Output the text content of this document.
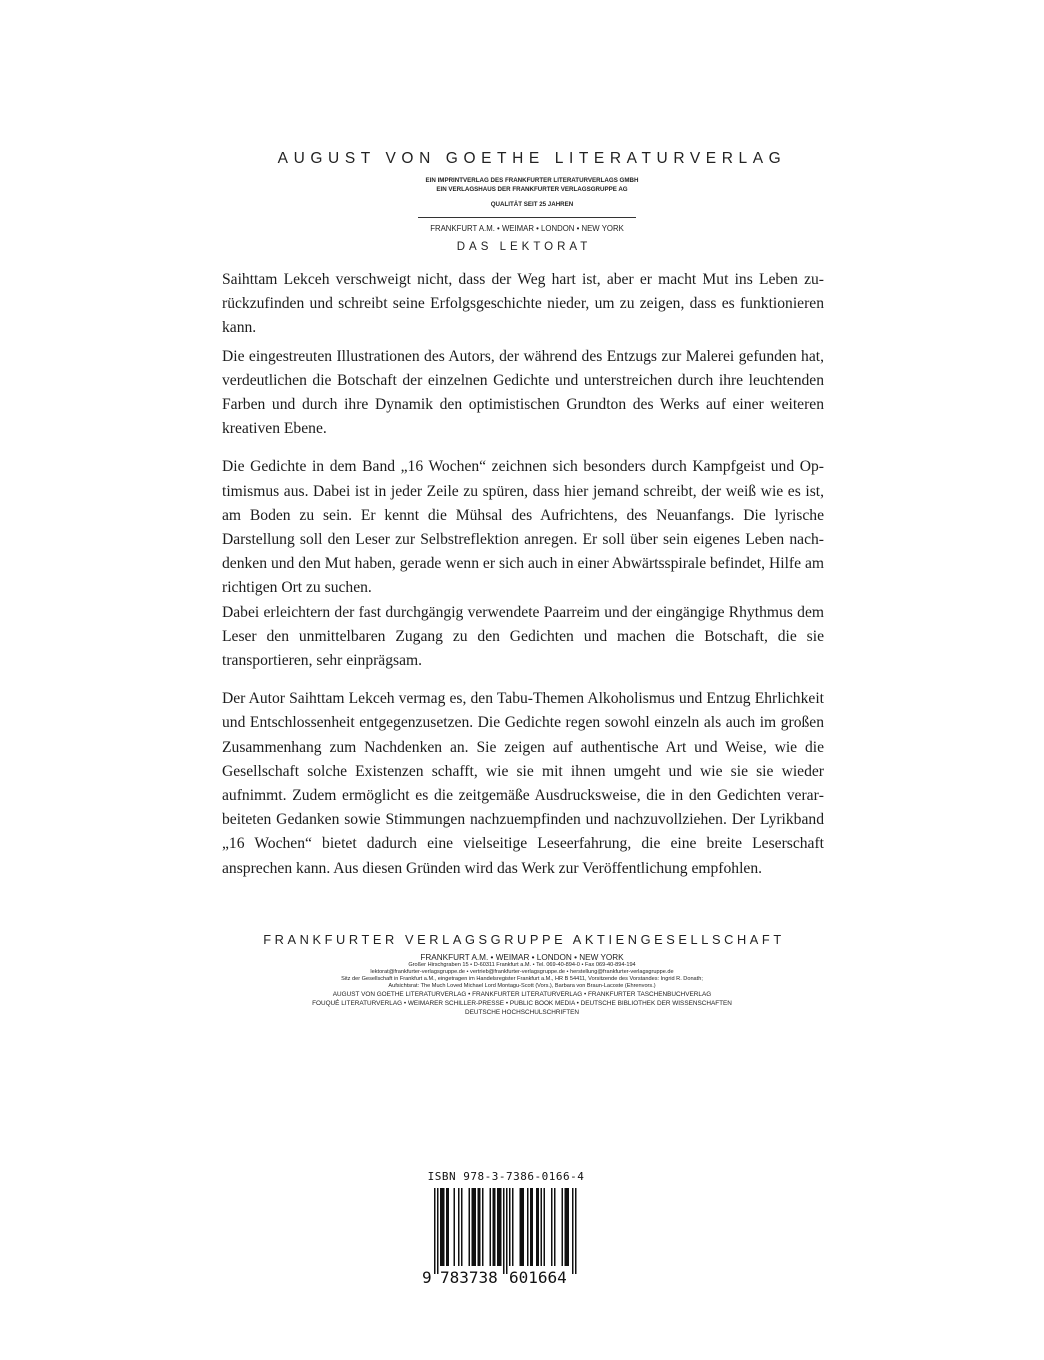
AUGUST VON GOETHE LITERATURVERLAG

EIN IMPRINTVERLAG DES FRANKFURTER LITERATURVERLAGS GMBH
EIN VERLAGSHAUS DER FRANKFURTER VERLAGSGRUPPE AG
QUALITÄT SEIT 25 JAHREN
FRANKFURT A.M. • WEIMAR • LONDON • NEW YORK
DAS LEKTORAT

Saihttam Lekceh verschweigt nicht, dass der Weg hart ist, aber er macht Mut ins Leben zurückzufinden und schreibt seine Erfolgsgeschichte nieder, um zu zeigen, dass es funktionieren kann.

Die eingestreuten Illustrationen des Autors, der während des Entzugs zur Malerei gefunden hat, verdeutlichen die Botschaft der einzelnen Gedichte und unterstreichen durch ihre leuchtenden Farben und durch ihre Dynamik den optimistischen Grundton des Werks auf einer weiteren kreativen Ebene.

Die Gedichte in dem Band „16 Wochen“ zeichnen sich besonders durch Kampfgeist und Optimismus aus. Dabei ist in jeder Zeile zu spüren, dass hier jemand schreibt, der weiß wie es ist, am Boden zu sein. Er kennt die Mühsal des Aufrichtens, des Neuanfangs. Die lyrische Darstellung soll den Leser zur Selbstreflektion anregen. Er soll über sein eigenes Leben nachdenken und den Mut haben, gerade wenn er sich auch in einer Abwärtsspirale befindet, Hilfe am richtigen Ort zu suchen.

Dabei erleichtern der fast durchgängig verwendete Paarreim und der eingängige Rhythmus dem Leser den unmittelbaren Zugang zu den Gedichten und machen die Botschaft, die sie transportieren, sehr einprägsam.

Der Autor Saihttam Lekceh vermag es, den Tabu-Themen Alkoholismus und Entzug Ehrlichkeit und Entschlossenheit entgegenzusetzen. Die Gedichte regen sowohl einzeln als auch im großen Zusammenhang zum Nachdenken an. Sie zeigen auf authentische Art und Weise, wie die Gesellschaft solche Existenzen schafft, wie sie mit ihnen umgeht und wie sie sie wieder aufnimmt. Zudem ermöglicht es die zeitgemäße Ausdrucksweise, die in den Gedichten verarbeiteten Gedanken sowie Stimmungen nachzuempfinden und nachzuvollziehen. Der Lyrikband „16 Wochen“ bietet dadurch eine vielseitige Leseerfahrung, die eine breite Leserschaft ansprechen kann. Aus diesen Gründen wird das Werk zur Veröffentlichung empfohlen.

FRANKFURTER VERLAGSGRUPPE AKTIENGESELLSCHAFT

FRANKFURT A.M. • WEIMAR • LONDON • NEW YORK
Großer Hirschgraben 15 • D-60311 Frankfurt a.M. • Tel. 069-40-894-0 • Fax 069-40-894-194
lektorat@frankfurter-verlagsgruppe.de • vertrieb@frankfurter-verlagsgruppe.de • herstellung@frankfurter-verlagsgruppe.de
Sitz der Gesellschaft in Frankfurt a.M., eingetragen im Handelsregister Frankfurt a.M., HR B 54411, Vorsitzende des Vorstandes: Ingrid R. Donath;
Aufsichtsrat: The Much Loved Michael Lord Montagu-Scott (Vors.), Barbara von Braun-Lacoste (Ehrenvors.)
AUGUST VON GOETHE LITERATURVERLAG • FRANKFURTER LITERATURVERLAG • FRANKFURTER TASCHENBUCHVERLAG
FOUQUÉ LITERATURVERLAG • WEIMARER SCHILLER-PRESSE • PUBLIC BOOK MEDIA • DEUTSCHE BIBLIOTHEK DER WISSENSCHAFTEN
DEUTSCHE HOCHSCHULSCHRIFTEN
ISBN 978-3-7386-0166-4
9 783738 601664
